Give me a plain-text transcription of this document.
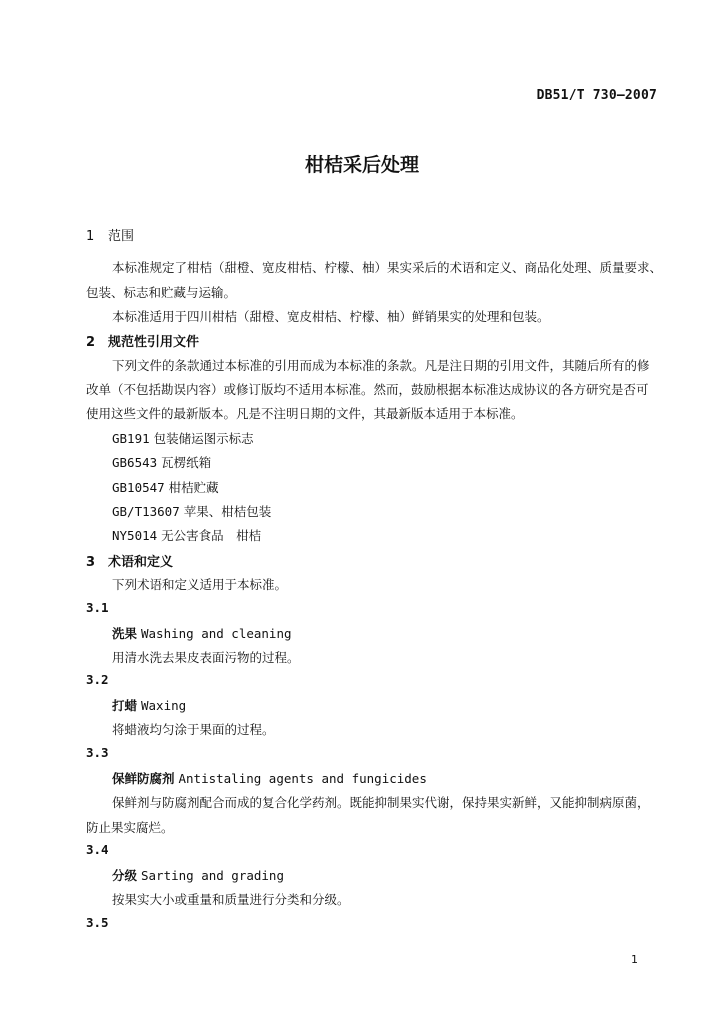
DB51/T 730—2007
柑桔采后处理
1 范围
本标准规定了柑桔（甜橙、宽皮柑桔、柠檬、柚）果实采后的术语和定义、商品化处理、质量要求、
包装、标志和贮藏与运输。
本标准适用于四川柑桔（甜橙、宽皮柑桔、柠檬、柚）鲜销果实的处理和包装。
2 规范性引用文件
下列文件的条款通过本标准的引用而成为本标准的条款。凡是注日期的引用文件，其随后所有的修
改单（不包括勘误内容）或修订版均不适用本标准。然而，鼓励根据本标准达成协议的各方研究是否可
使用这些文件的最新版本。凡是不注明日期的文件，其最新版本适用于本标准。
GB191 包装储运图示标志
GB6543 瓦楞纸箱
GB10547 柑桔贮藏
GB/T13607 苹果、柑桔包装
NY5014 无公害食品　柑桔
3 术语和定义
下列术语和定义适用于本标准。
3.1
洗果 Washing and cleaning
用清水洗去果皮表面污物的过程。
3.2
打蜡 Waxing
将蜡液均匀涂于果面的过程。
3.3
保鲜防腐剂 Antistaling agents and fungicides
保鲜剂与防腐剂配合而成的复合化学药剂。既能抑制果实代谢，保持果实新鲜，又能抑制病原菌，
防止果实腐烂。
3.4
分级 Sarting and grading
按果实大小或重量和质量进行分类和分级。
3.5
1
